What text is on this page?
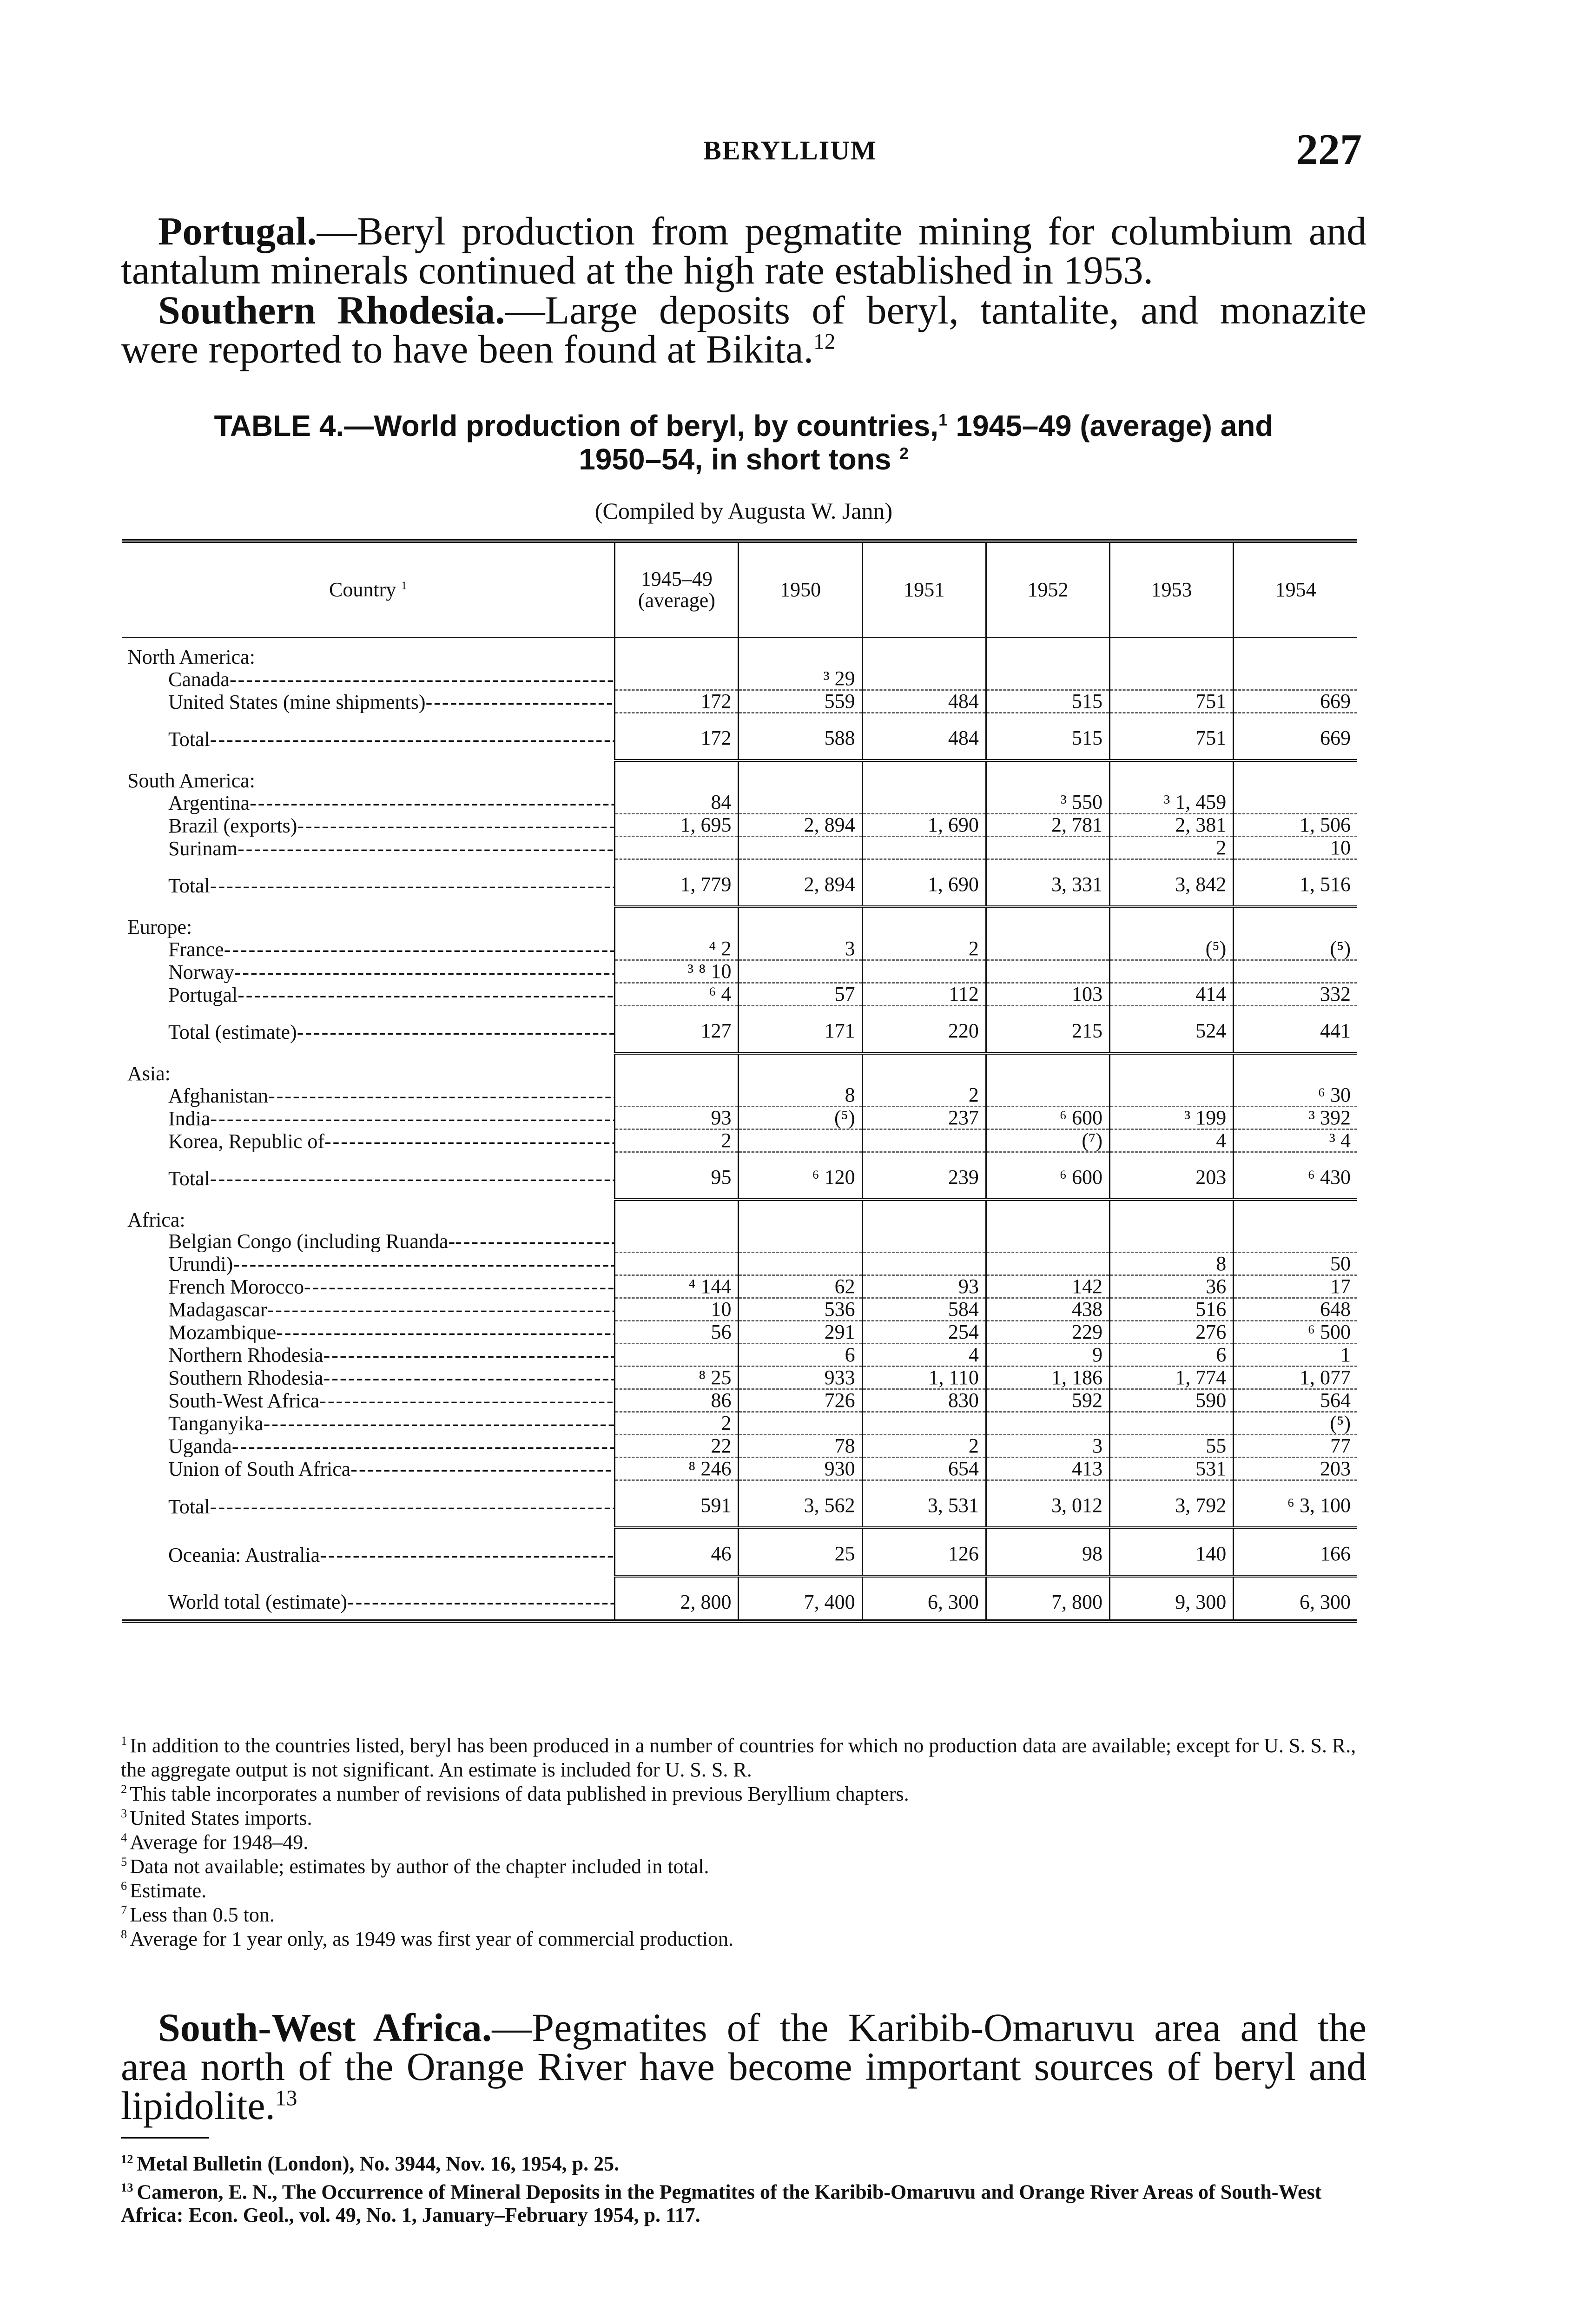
BERYLLIUM	227
Portugal.—Beryl production from pegmatite mining for columbium and tantalum minerals continued at the high rate established in 1953.
Southern Rhodesia.—Large deposits of beryl, tantalite, and monazite were reported to have been found at Bikita.$^{12}$
TABLE 4.—World production of beryl, by countries,$^1$ 1945–49 (average) and
1950–54, in short tons $^2$
(Compiled by Augusta W. Jann)
Country $^1$	1945–49
(average)	1950	1951	1952	1953	1954
North America:						
Canada -----		³ 29				
United States (mine shipments) -----	172	559	484	515	751	669
Total -----	172	588	484	515	751	669
South America:						
Argentina -----	84			³ 550	³ 1, 459	
Brazil (exports) -----	1, 695	2, 894	1, 690	2, 781	2, 381	1, 506
Surinam -----					2	10
Total -----	1, 779	2, 894	1, 690	3, 331	3, 842	1, 516
Europe:						
France -----	⁴ 2	3	2		(⁵)	(⁵)
Norway -----	³ ⁸ 10					
Portugal -----	⁶ 4	57	112	103	414	332
Total (estimate) -----	127	171	220	215	524	441
Asia:						
Afghanistan -----		8	2			⁶ 30
India -----	93	(⁵)	237	⁶ 600	³ 199	³ 392
Korea, Republic of -----	2			(⁷)	4	³ 4
Total -----	95	⁶ 120	239	⁶ 600	203	⁶ 430
Africa:						
Belgian Congo (including Ruanda- -----						
Urundi) -----					8	50
French Morocco -----	⁴ 144	62	93	142	36	17
Madagascar -----	10	536	584	438	516	648
Mozambique -----	56	291	254	229	276	⁶ 500
Northern Rhodesia -----		6	4	9	6	1
Southern Rhodesia -----	⁸ 25	933	1, 110	1, 186	1, 774	1, 077
South-West Africa -----	86	726	830	592	590	564
Tanganyika -----	2					(⁵)
Uganda -----	22	78	2	3	55	77
Union of South Africa -----	⁸ 246	930	654	413	531	203
Total -----	591	3, 562	3, 531	3, 012	3, 792	⁶ 3, 100
Oceania: Australia -----	46	25	126	98	140	166
World total (estimate) -----	2, 800	7, 400	6, 300	7, 800	9, 300	6, 300
$^1$ In addition to the countries listed, beryl has been produced in a number of countries for which no production data are available; except for U. S. S. R., the aggregate output is not significant. An estimate is included for U. S. S. R.
$^2$ This table incorporates a number of revisions of data published in previous Beryllium chapters.
$^3$ United States imports.
$^4$ Average for 1948–49.
$^5$ Data not available; estimates by author of the chapter included in total.
$^6$ Estimate.
$^7$ Less than 0.5 ton.
$^8$ Average for 1 year only, as 1949 was first year of commercial production.
South-West Africa.—Pegmatites of the Karibib-Omaruvu area and the area north of the Orange River have become important sources of beryl and lipidolite.$^{13}$
$^{12}$ Metal Bulletin (London), No. 3944, Nov. 16, 1954, p. 25.
$^{13}$ Cameron, E. N., The Occurrence of Mineral Deposits in the Pegmatites of the Karibib-Omaruvu and Orange River Areas of South-West Africa: Econ. Geol., vol. 49, No. 1, January–February 1954, p. 117.
